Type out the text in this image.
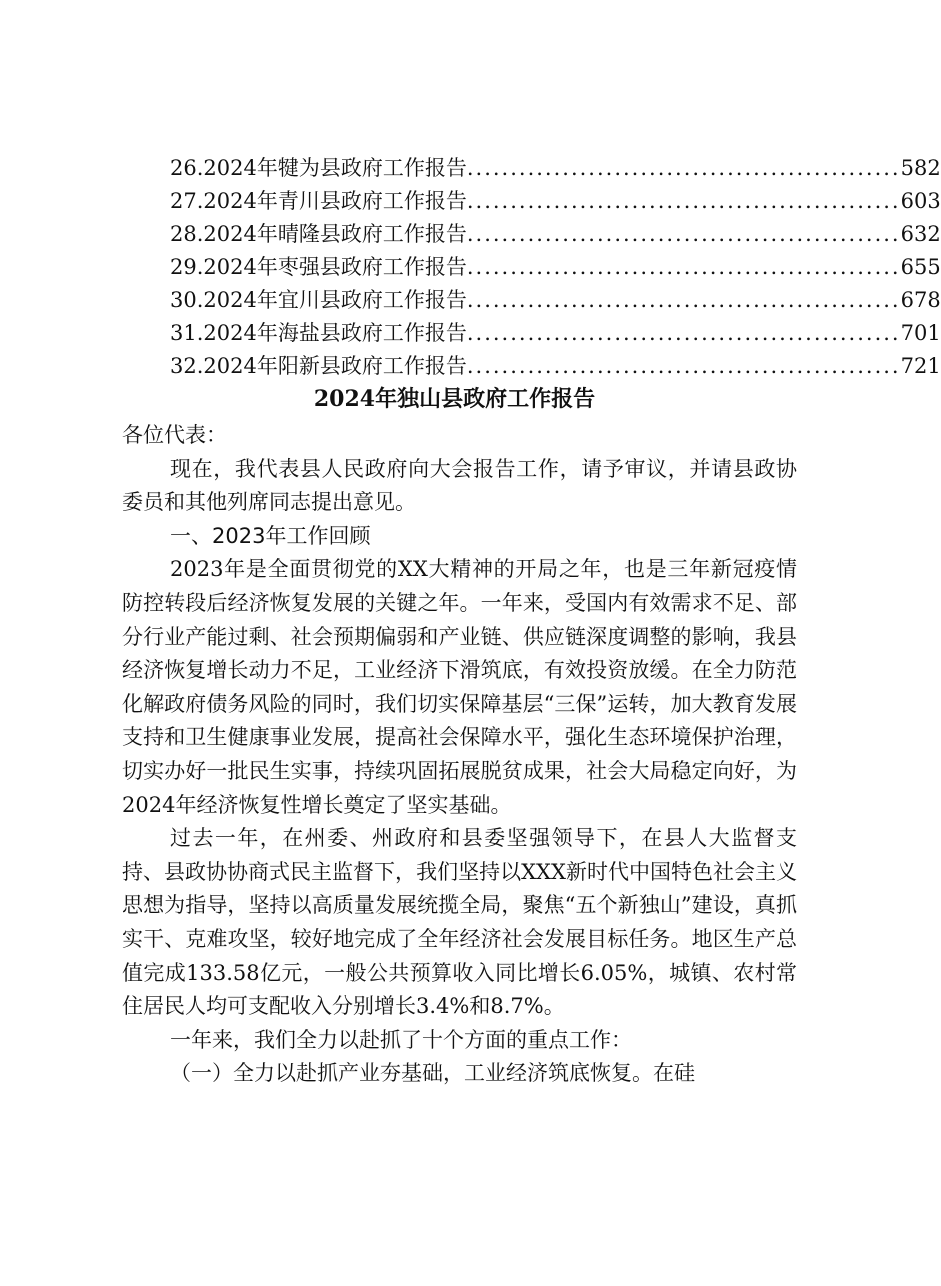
26.2024年犍为县政府工作报告 .................................................. 582
27.2024年青川县政府工作报告 .................................................. 603
28.2024年晴隆县政府工作报告 .................................................. 632
29.2024年枣强县政府工作报告 .................................................. 655
30.2024年宜川县政府工作报告 .................................................. 678
31.2024年海盐县政府工作报告 .................................................. 701
32.2024年阳新县政府工作报告 .................................................. 721
2024年独山县政府工作报告

各位代表：

现在，我代表县人民政府向大会报告工作，请予审议，并请县政协委员和其他列席同志提出意见。

一、2023年工作回顾

2023年是全面贯彻党的XX大精神的开局之年，也是三年新冠疫情防控转段后经济恢复发展的关键之年。一年来，受国内有效需求不足、部分行业产能过剩、社会预期偏弱和产业链、供应链深度调整的影响，我县经济恢复增长动力不足，工业经济下滑筑底，有效投资放缓。在全力防范化解政府债务风险的同时，我们切实保障基层“三保”运转，加大教育发展支持和卫生健康事业发展，提高社会保障水平，强化生态环境保护治理，切实办好一批民生实事，持续巩固拓展脱贫成果，社会大局稳定向好，为2024年经济恢复性增长奠定了坚实基础。

过去一年，在州委、州政府和县委坚强领导下，在县人大监督支持、县政协协商式民主监督下，我们坚持以XXX新时代中国特色社会主义思想为指导，坚持以高质量发展统揽全局，聚焦“五个新独山”建设，真抓实干、克难攻坚，较好地完成了全年经济社会发展目标任务。地区生产总值完成133.58亿元，一般公共预算收入同比增长6.05%，城镇、农村常住居民人均可支配收入分别增长3.4%和8.7%。

一年来，我们全力以赴抓了十个方面的重点工作：

（一）全力以赴抓产业夯基础，工业经济筑底恢复。在硅
